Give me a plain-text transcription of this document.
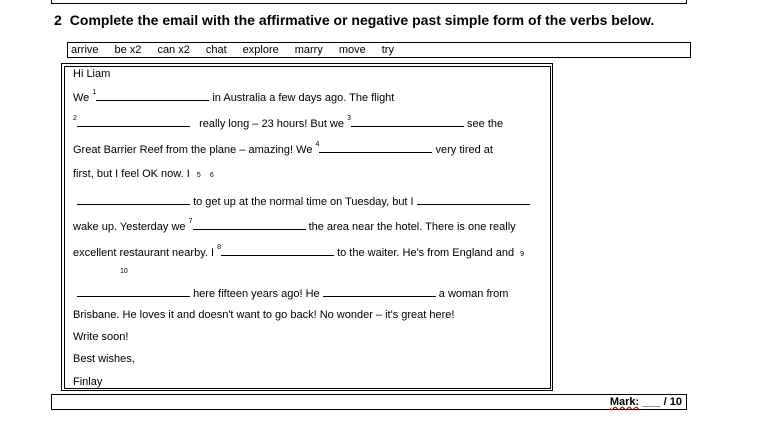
2 Complete the email with the affirmative or negative past simple form of the verbs below.
arrive be x2 can x2 chat explore marry move try
Hi Liam
We $^1$	in Australia a few days ago. The flight
$^2$	really long – 23 hours! But we $^3$	see the
Great Barrier Reef from the plane – amazing! We $^4$	very tired at
first, but I feel OK now. I 5 6
to get up at the normal time on Tuesday, but I
wake up. Yesterday we $^7$	the area near the hotel. There is one really
excellent restaurant nearby. I $^8$	to the waiter. He's from England and 9
10
here fifteen years ago! He	a woman from
Brisbane. He loves it and doesn't want to go back! No wonder – it's great here!
Write soon!
Best wishes,
Finlay
Mark: ___ / 10
